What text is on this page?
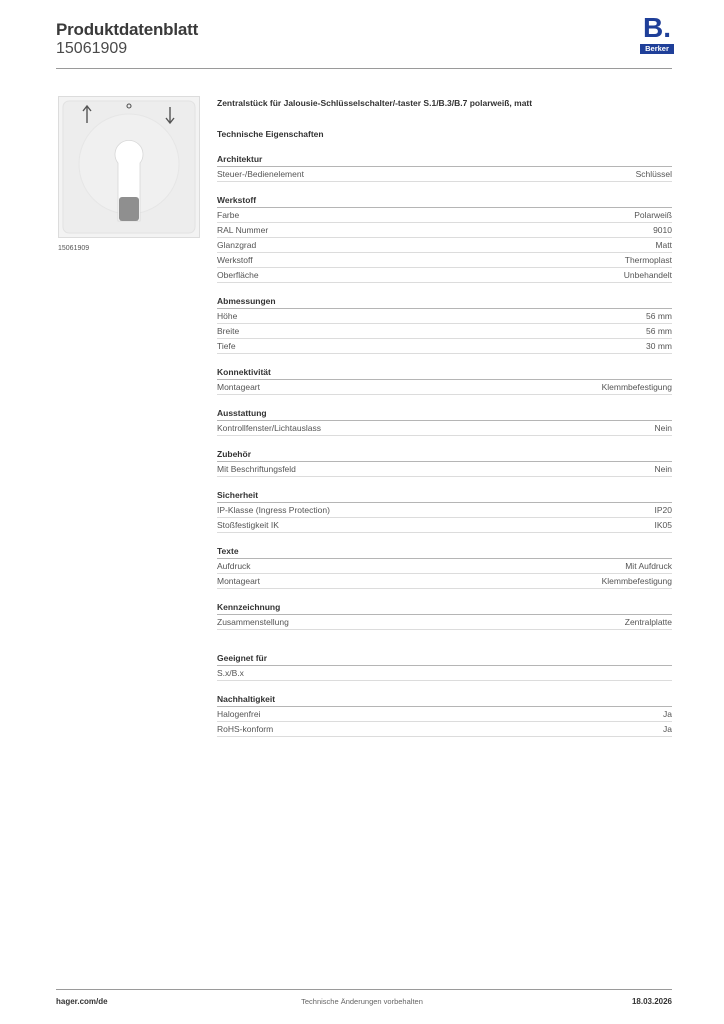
Produktdatenblatt
15061909
B.
Berker
15061909
Zentralstück für Jalousie-Schlüsselschalter/-taster S.1/B.3/B.7 polarweiß, matt
Technische Eigenschaften
Architektur
Steuer-/Bedienelement	Schlüssel
Werkstoff
Farbe	Polarweiß
RAL Nummer	9010
Glanzgrad	Matt
Werkstoff	Thermoplast
Oberfläche	Unbehandelt
Abmessungen
Höhe	56 mm
Breite	56 mm
Tiefe	30 mm
Konnektivität
Montageart	Klemmbefestigung
Ausstattung
Kontrollfenster/Lichtauslass	Nein
Zubehör
Mit Beschriftungsfeld	Nein
Sicherheit
IP-Klasse (Ingress Protection)	IP20
Stoßfestigkeit IK	IK05
Texte
Aufdruck	Mit Aufdruck
Montageart	Klemmbefestigung
Kennzeichnung
Zusammenstellung	Zentralplatte
Geeignet für
S.x/B.x
Nachhaltigkeit
Halogenfrei	Ja
RoHS-konform	Ja
hager.com/de	Technische Änderungen vorbehalten	18.03.2026
